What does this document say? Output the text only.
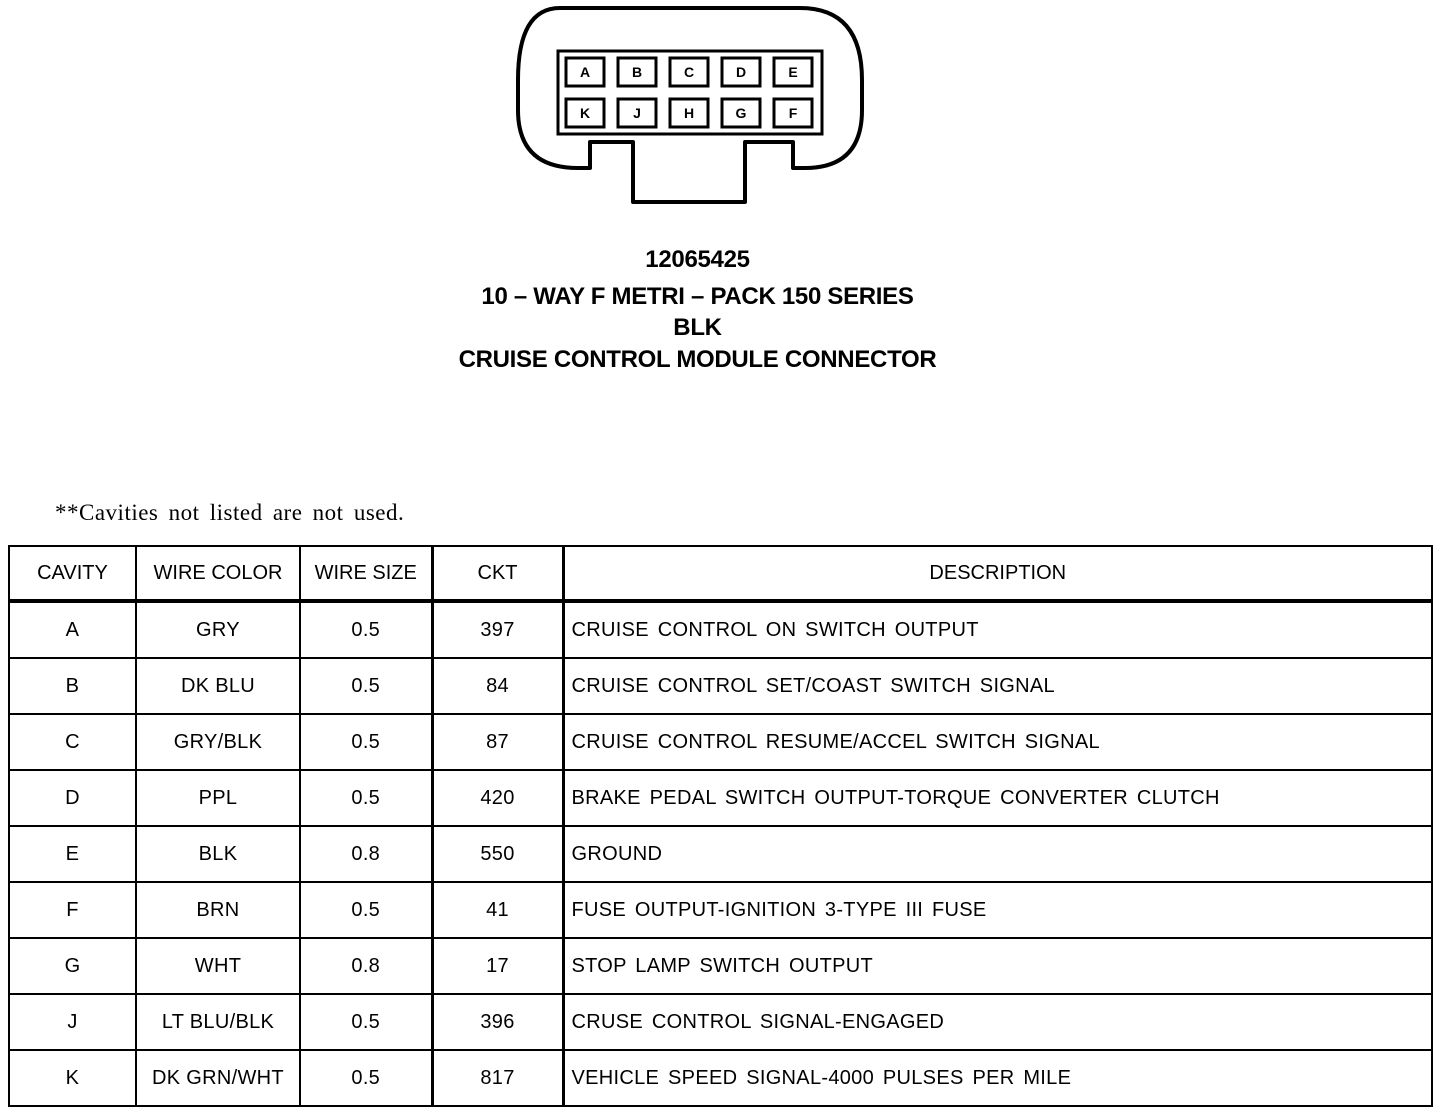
A	B	C	D	E
K	J	H	G	F
12065425
10 – WAY F METRI – PACK 150 SERIES
BLK
CRUISE CONTROL MODULE CONNECTOR
**Cavities not listed are not used.
CAVITY	WIRE COLOR	WIRE SIZE	CKT	DESCRIPTION
A	GRY	0.5	397	CRUISE CONTROL ON SWITCH OUTPUT
B	DK BLU	0.5	84	CRUISE CONTROL SET/COAST SWITCH SIGNAL
C	GRY/BLK	0.5	87	CRUISE CONTROL RESUME/ACCEL SWITCH SIGNAL
D	PPL	0.5	420	BRAKE PEDAL SWITCH OUTPUT-TORQUE CONVERTER CLUTCH
E	BLK	0.8	550	GROUND
F	BRN	0.5	41	FUSE OUTPUT-IGNITION 3-TYPE III FUSE
G	WHT	0.8	17	STOP LAMP SWITCH OUTPUT
J	LT BLU/BLK	0.5	396	CRUSE CONTROL SIGNAL-ENGAGED
K	DK GRN/WHT	0.5	817	VEHICLE SPEED SIGNAL-4000 PULSES PER MILE
